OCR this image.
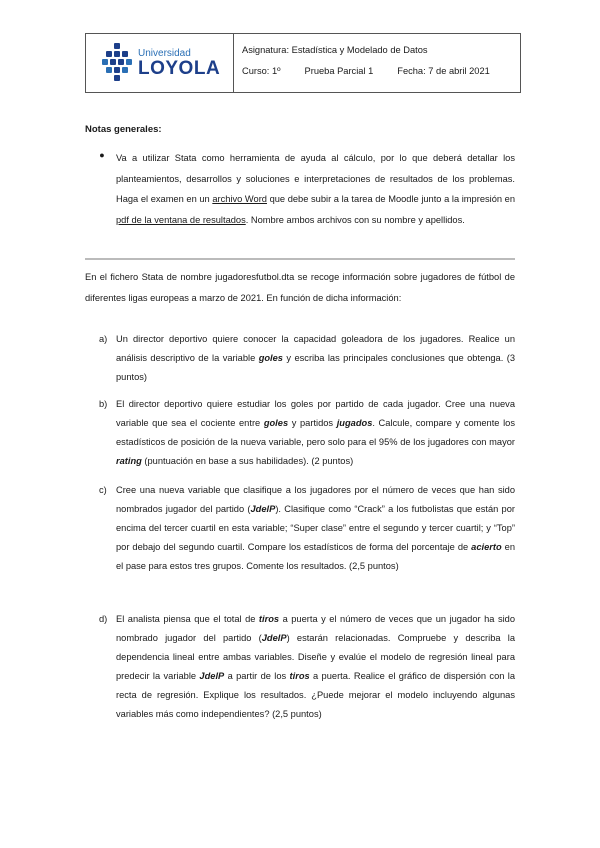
Universidad
LOYOLA
Asignatura: Estadística y Modelado de Datos
Curso: 1º	Prueba Parcial 1	Fecha: 7 de abril 2021
Notas generales:
● Va a utilizar Stata como herramienta de ayuda al cálculo, por lo que deberá detallar los planteamientos, desarrollos y soluciones e interpretaciones de resultados de los problemas. Haga el examen en un archivo Word que debe subir a la tarea de Moodle junto a la impresión en pdf de la ventana de resultados. Nombre ambos archivos con su nombre y apellidos.
En el fichero Stata de nombre jugadoresfutbol.dta se recoge información sobre jugadores de fútbol de diferentes ligas europeas a marzo de 2021. En función de dicha información:
a) Un director deportivo quiere conocer la capacidad goleadora de los jugadores. Realice un análisis descriptivo de la variable goles y escriba las principales conclusiones que obtenga. (3 puntos)
b) El director deportivo quiere estudiar los goles por partido de cada jugador. Cree una nueva variable que sea el cociente entre goles y partidos jugados. Calcule, compare y comente los estadísticos de posición de la nueva variable, pero solo para el 95% de los jugadores con mayor rating (puntuación en base a sus habilidades). (2 puntos)
c) Cree una nueva variable que clasifique a los jugadores por el número de veces que han sido nombrados jugador del partido (JdelP). Clasifique como “Crack” a los futbolistas que están por encima del tercer cuartil en esta variable; “Super clase” entre el segundo y tercer cuartil; y “Top” por debajo del segundo cuartil. Compare los estadísticos de forma del porcentaje de acierto en el pase para estos tres grupos. Comente los resultados. (2,5 puntos)
d) El analista piensa que el total de tiros a puerta y el número de veces que un jugador ha sido nombrado jugador del partido (JdelP) estarán relacionadas. Compruebe y describa la dependencia lineal entre ambas variables. Diseñe y evalúe el modelo de regresión lineal para predecir la variable JdelP a partir de los tiros a puerta. Realice el gráfico de dispersión con la recta de regresión. Explique los resultados. ¿Puede mejorar el modelo incluyendo algunas variables más como independientes? (2,5 puntos)
